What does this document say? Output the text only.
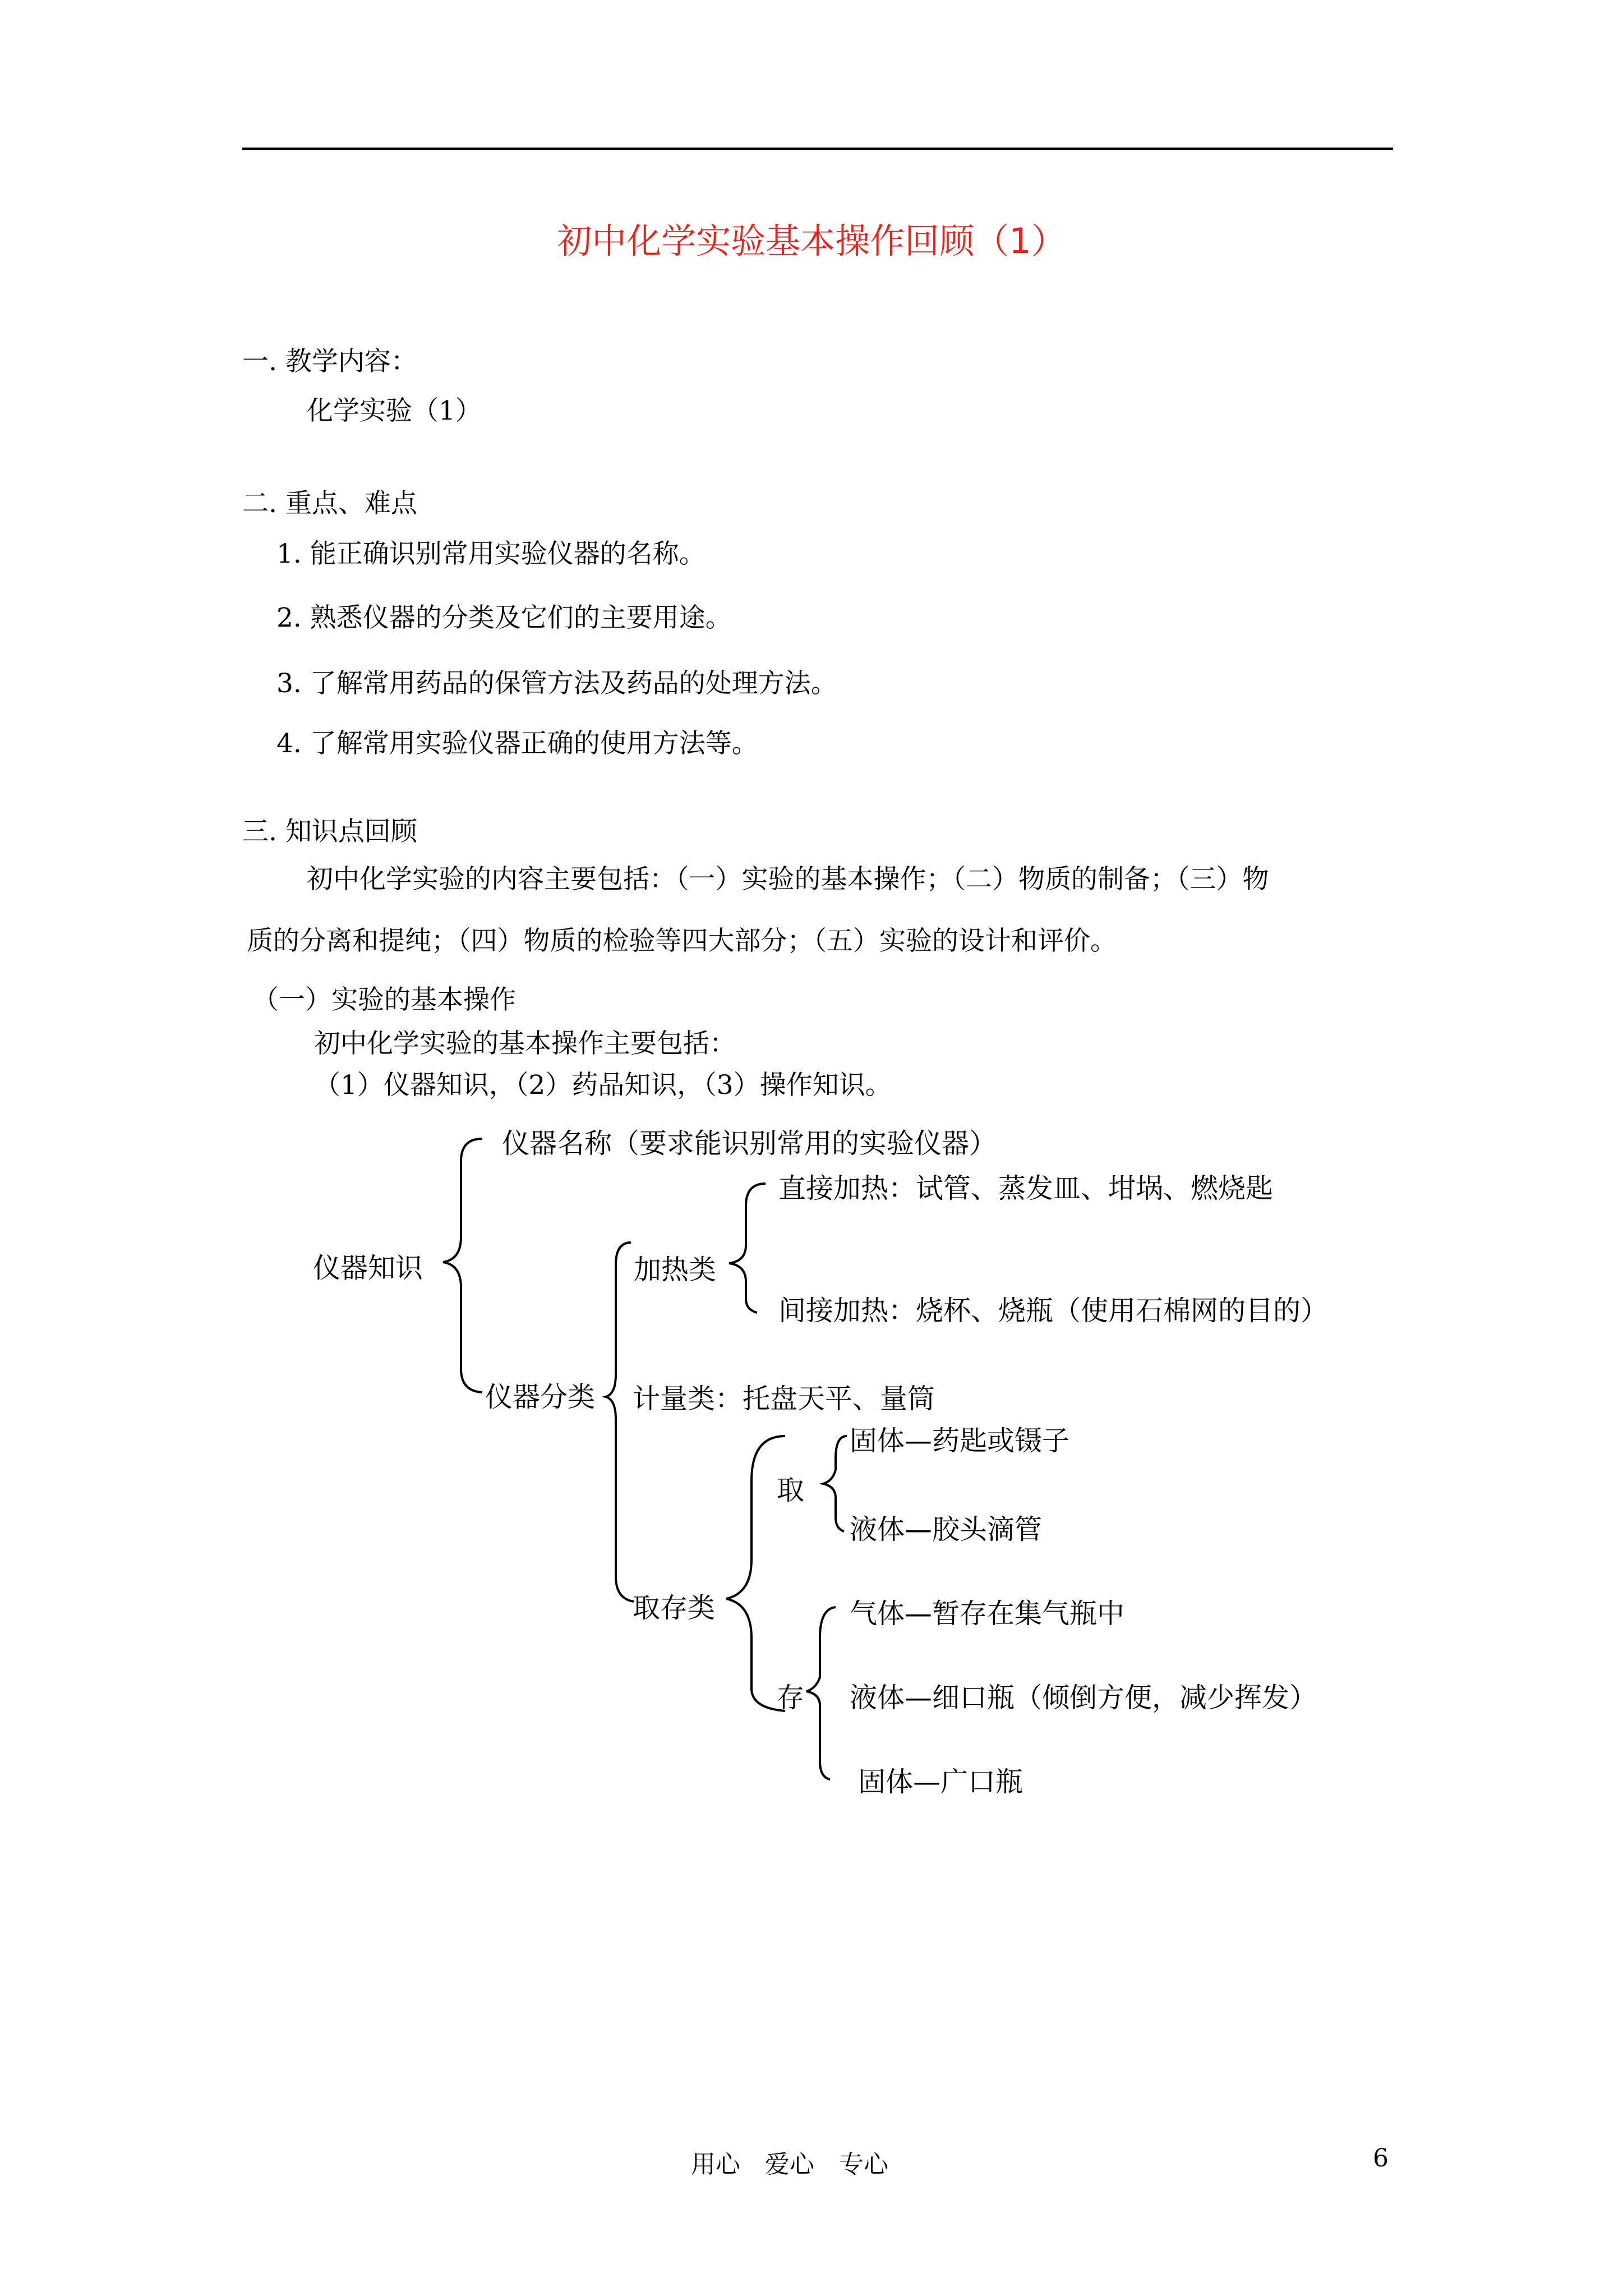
初中化学实验基本操作回顾（1）
一. 教学内容：
化学实验（1）
二. 重点、难点
1. 能正确识别常用实验仪器的名称。
2. 熟悉仪器的分类及它们的主要用途。
3. 了解常用药品的保管方法及药品的处理方法。
4. 了解常用实验仪器正确的使用方法等。
三. 知识点回顾
初中化学实验的内容主要包括：（一）实验的基本操作；（二）物质的制备；（三）物
质的分离和提纯；（四）物质的检验等四大部分；（五）实验的设计和评价。
（一）实验的基本操作
初中化学实验的基本操作主要包括：
（1）仪器知识，（2）药品知识，（3）操作知识。
仪器知识
仪器名称（要求能识别常用的实验仪器）
仪器分类
加热类
直接加热：试管、蒸发皿、坩埚、燃烧匙
间接加热：烧杯、烧瓶（使用石棉网的目的）
计量类：托盘天平、量筒
取存类
取
固体—药匙或镊子
液体—胶头滴管
存
气体—暂存在集气瓶中
液体—细口瓶（倾倒方便，减少挥发）
固体—广口瓶
用心　爱心　专心	6
